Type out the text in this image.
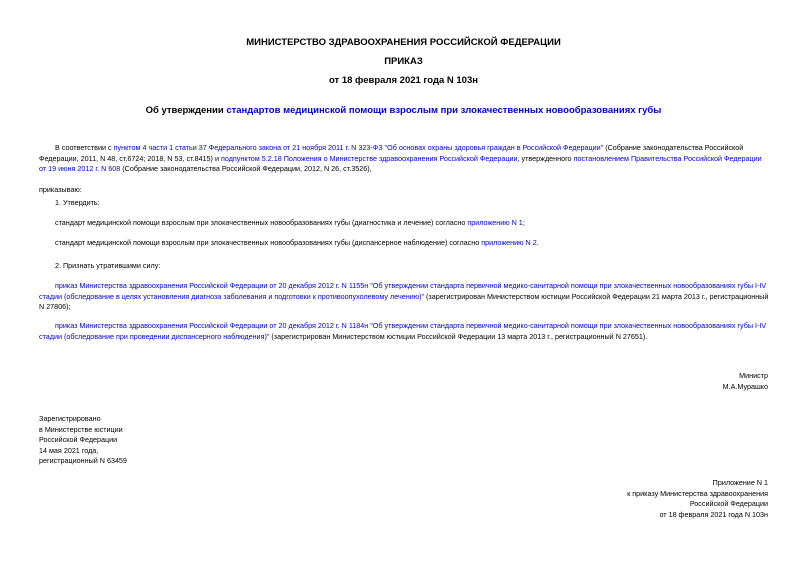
МИНИСТЕРСТВО ЗДРАВООХРАНЕНИЯ РОССИЙСКОЙ ФЕДЕРАЦИИ
ПРИКАЗ
от 18 февраля 2021 года N 103н
Об утверждении стандартов медицинской помощи взрослым при злокачественных новообразованиях губы
В соответствии с пунктом 4 части 1 статьи 37 Федерального закона от 21 ноября 2011 г. N 323-ФЗ "Об основах охраны здоровья граждан в Российской Федерации" (Собрание законодательства Российской Федерации, 2011, N 48, ст.6724; 2018, N 53, ст.8415) и подпунктом 5.2.18 Положения о Министерстве здравоохранения Российской Федерации, утвержденного постановлением Правительства Российской Федерации от 19 июня 2012 г. N 608 (Собрание законодательства Российской Федерации, 2012, N 26, ст.3526),
приказываю:
1. Утвердить:
стандарт медицинской помощи взрослым при злокачественных новообразованиях губы (диагностика и лечение) согласно приложению N 1;
стандарт медицинской помощи взрослым при злокачественных новообразованиях губы (диспансерное наблюдение) согласно приложению N 2.
2. Признать утратившими силу:
приказ Министерства здравоохранения Российской Федерации от 20 декабря 2012 г. N 1155н "Об утверждении стандарта первичной медико-санитарной помощи при злокачественных новообразованиях губы I-IV стадии (обследование в целях установления диагноза заболевания и подготовки к противоопухолевому лечению)" (зарегистрирован Министерством юстиции Российской Федерации 21 марта 2013 г., регистрационный N 27806);
приказ Министерства здравоохранения Российской Федерации от 20 декабря 2012 г. N 1184н "Об утверждении стандарта первичной медико-санитарной помощи при злокачественных новообразованиях губы I-IV стадии (обследование при проведении диспансерного наблюдения)" (зарегистрирован Министерством юстиции Российской Федерации 13 марта 2013 г., регистрационный N 27651).
Министр
М.А.Мурашко
Зарегистрировано
в Министерстве юстиции
Российской Федерации
14 мая 2021 года,
регистрационный N 63459
Приложение N 1
к приказу Министерства здравоохранения
Российской Федерации
от 18 февраля 2021 года N 103н
